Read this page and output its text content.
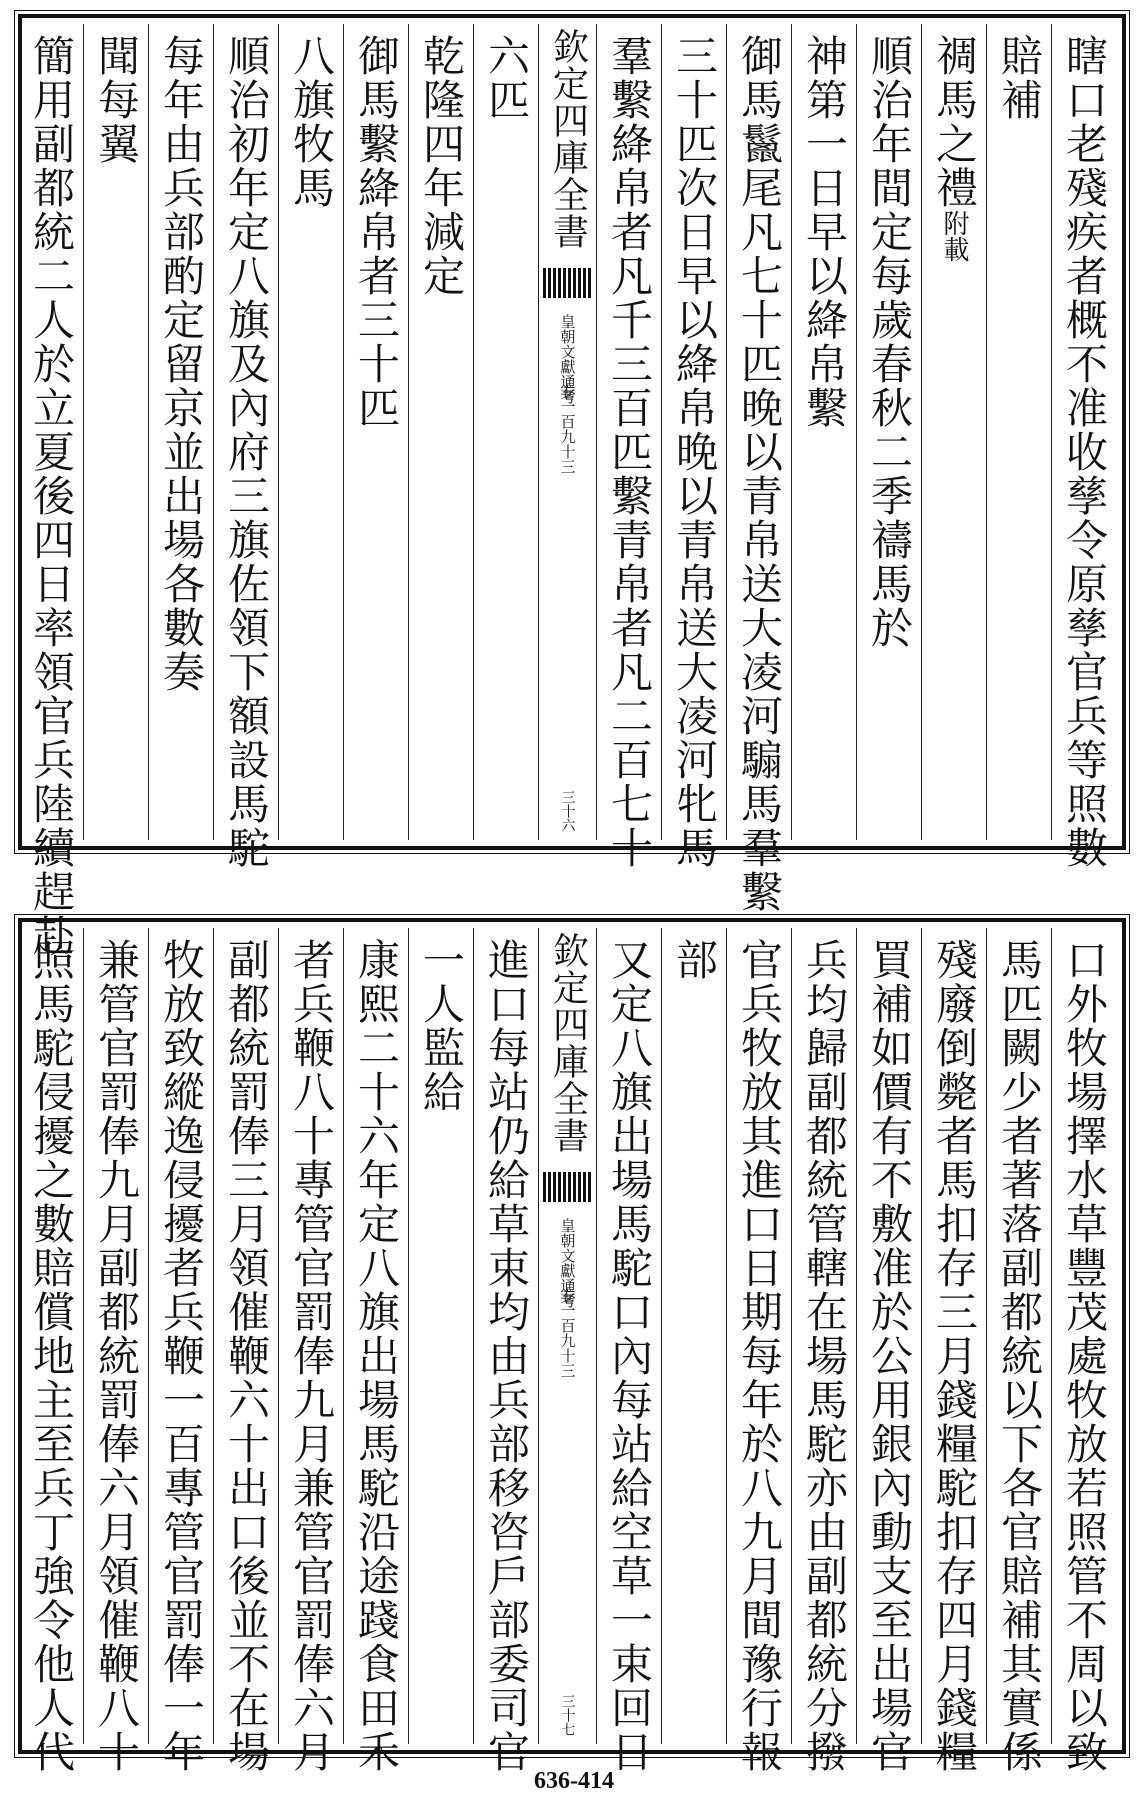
瞎口老殘疾者概不准收孳令原孳官兵等照數
賠補
禂馬之禮附載
順治年間定每歲春秋二季禱馬於
神第一日早以絳帛繫
御馬鬣尾凡七十匹晚以青帛送大凌河騸馬羣繫
三十匹次日早以絳帛晚以青帛送大凌河牝馬
羣繫絳帛者凡千三百匹繫青帛者凡二百七十
欽定四庫全書
皇朝文獻通考
卷一百九十三
三十六
六匹
乾隆四年減定
御馬繫絳帛者三十匹
八旗牧馬
順治初年定八旗及內府三旗佐領下額設馬駝
每年由兵部酌定留京並出場各數奏
聞每翼
簡用副都統二人於立夏後四日率領官兵陸續趕赴
口外牧場擇水草豐茂處牧放若照管不周以致
馬匹闕少者著落副都統以下各官賠補其實係
殘廢倒斃者馬扣存三月錢糧駝扣存四月錢糧
買補如價有不敷准於公用銀內動支至出場官
兵均歸副都統管轄在場馬駝亦由副都統分撥
官兵牧放其進口日期每年於八九月間豫行報
部
又定八旗出場馬駝口內每站給空草一束回日
欽定四庫全書
皇朝文獻通考
卷一百九十三
三十七
進口每站仍給草束均由兵部移咨戶部委司官
一人監給
康熙二十六年定八旗出場馬駝沿途踐食田禾
者兵鞭八十專管官罰俸九月兼管官罰俸六月
副都統罰俸三月領催鞭六十出口後並不在場
牧放致縱逸侵擾者兵鞭一百專管官罰俸一年
兼管官罰俸九月副都統罰俸六月領催鞭八十
照馬駝侵擾之數賠償地主至兵丁強令他人代
636-414
